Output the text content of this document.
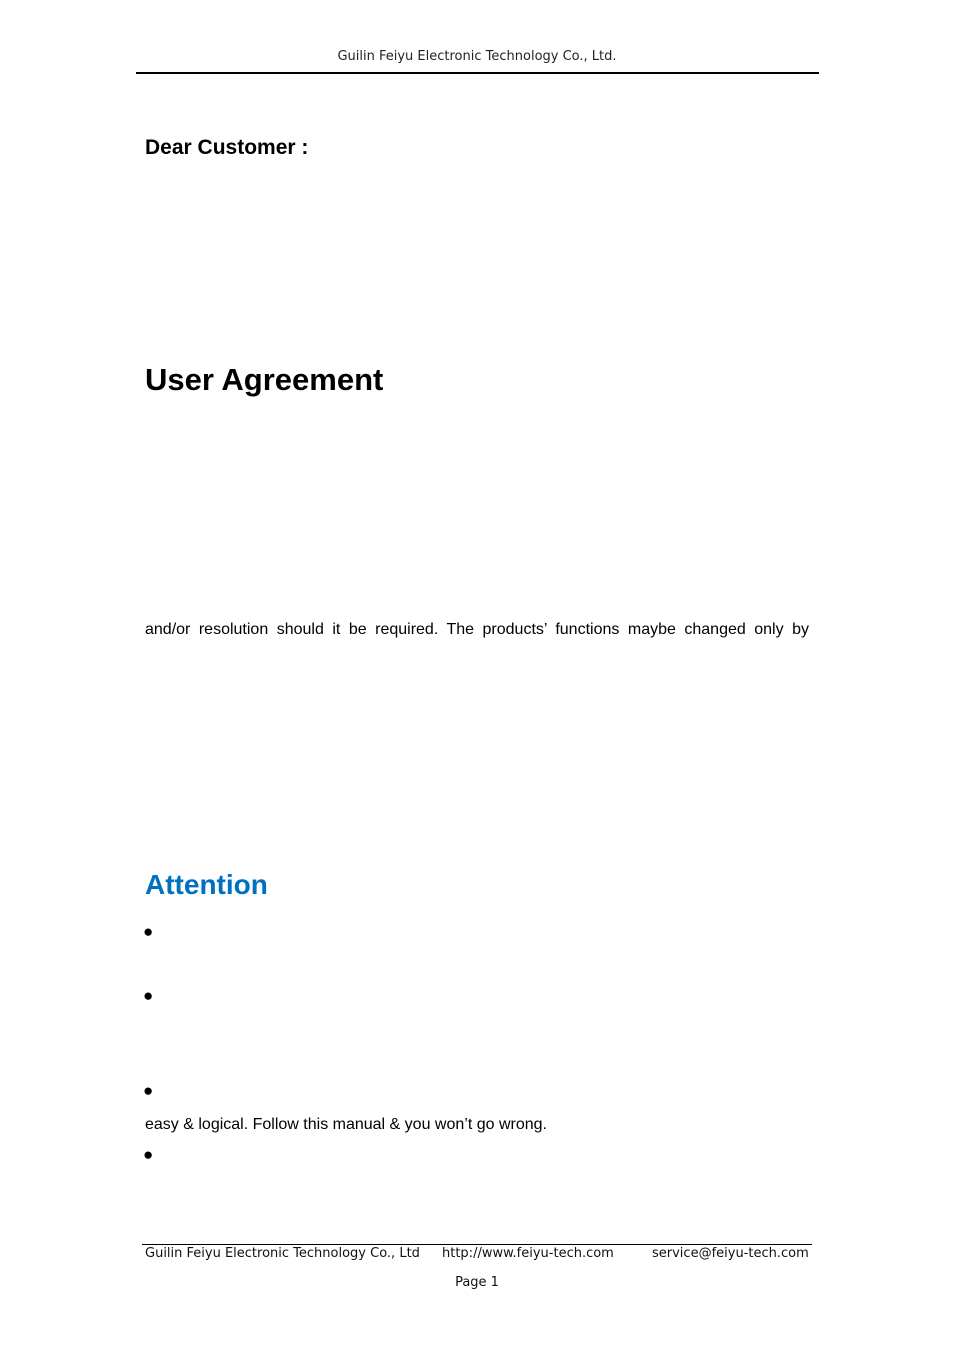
Guilin Feiyu Electronic Technology Co., Ltd.
Dear Customer :
User Agreement
and/or resolution should it be required. The products’ functions maybe changed only by
Attention
●
●
●
easy & logical. Follow this manual & you won’t go wrong.
●
Guilin Feiyu Electronic Technology Co., Ltd http://www.feiyu-tech.com	service@feiyu-tech.com
Page 1
